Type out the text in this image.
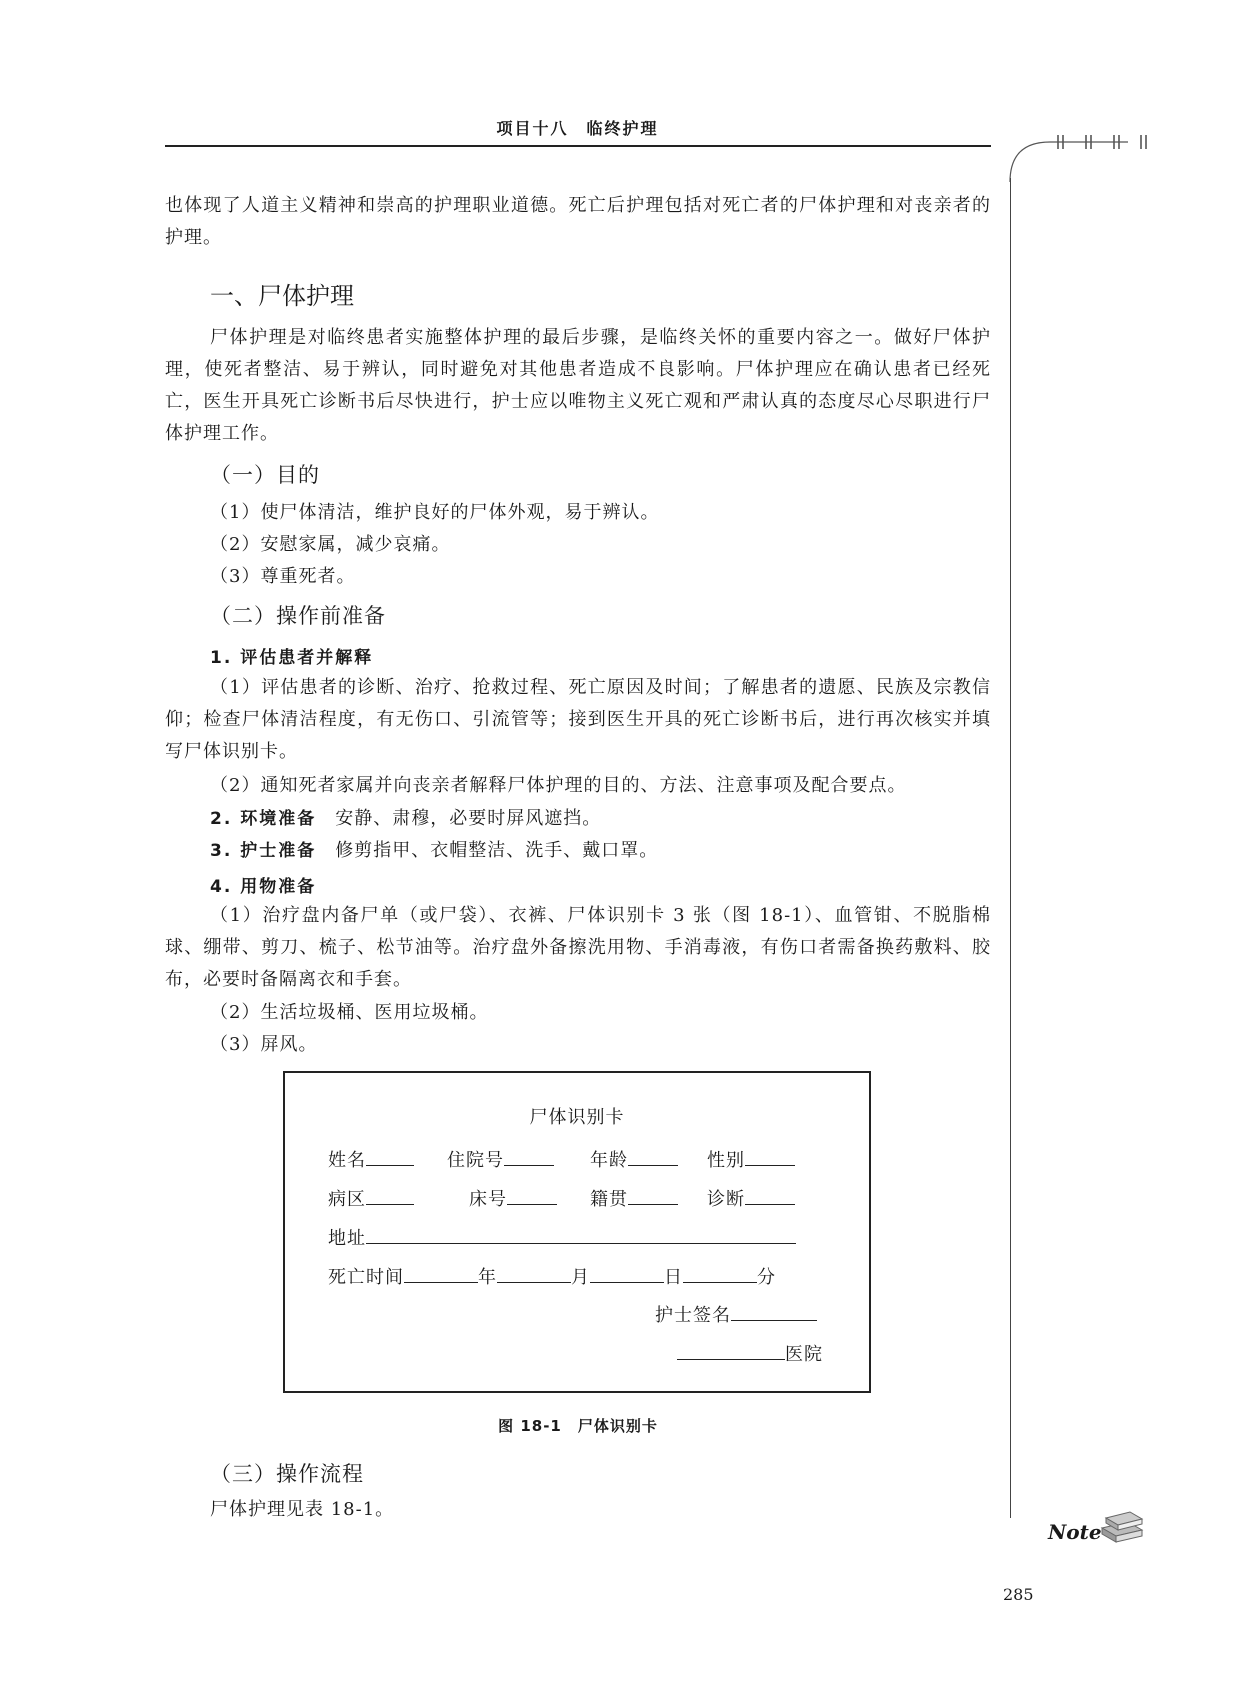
项目十八　临终护理
也体现了人道主义精神和崇高的护理职业道德。死亡后护理包括对死亡者的尸体护理和对丧亲者的护理。
一、尸体护理
尸体护理是对临终患者实施整体护理的最后步骤，是临终关怀的重要内容之一。做好尸体护理，使死者整洁、易于辨认，同时避免对其他患者造成不良影响。尸体护理应在确认患者已经死亡，医生开具死亡诊断书后尽快进行，护士应以唯物主义死亡观和严肃认真的态度尽心尽职进行尸体护理工作。
（一）目的
（1）使尸体清洁，维护良好的尸体外观，易于辨认。
（2）安慰家属，减少哀痛。
（3）尊重死者。
（二）操作前准备
1. 评估患者并解释
（1）评估患者的诊断、治疗、抢救过程、死亡原因及时间；了解患者的遗愿、民族及宗教信仰；检查尸体清洁程度，有无伤口、引流管等；接到医生开具的死亡诊断书后，进行再次核实并填写尸体识别卡。
（2）通知死者家属并向丧亲者解释尸体护理的目的、方法、注意事项及配合要点。
2. 环境准备　 安静、肃穆，必要时屏风遮挡。
3. 护士准备　 修剪指甲、衣帽整洁、洗手、戴口罩。
4. 用物准备
（1）治疗盘内备尸单（或尸袋）、衣裤、尸体识别卡 3 张（图 18-1）、血管钳、不脱脂棉球、绷带、剪刀、梳子、松节油等。治疗盘外备擦洗用物、手消毒液，有伤口者需备换药敷料、胶布，必要时备隔离衣和手套。
（2）生活垃圾桶、医用垃圾桶。
（3）屏风。
（三）操作流程
尸体护理见表 18-1。
尸体识别卡
姓名	住院号	年龄	性别
病区	床号	籍贯	诊断
地址
死亡时间	年	月	日	分
护士签名
医院
图 18-1　尸体识别卡
Note
285
